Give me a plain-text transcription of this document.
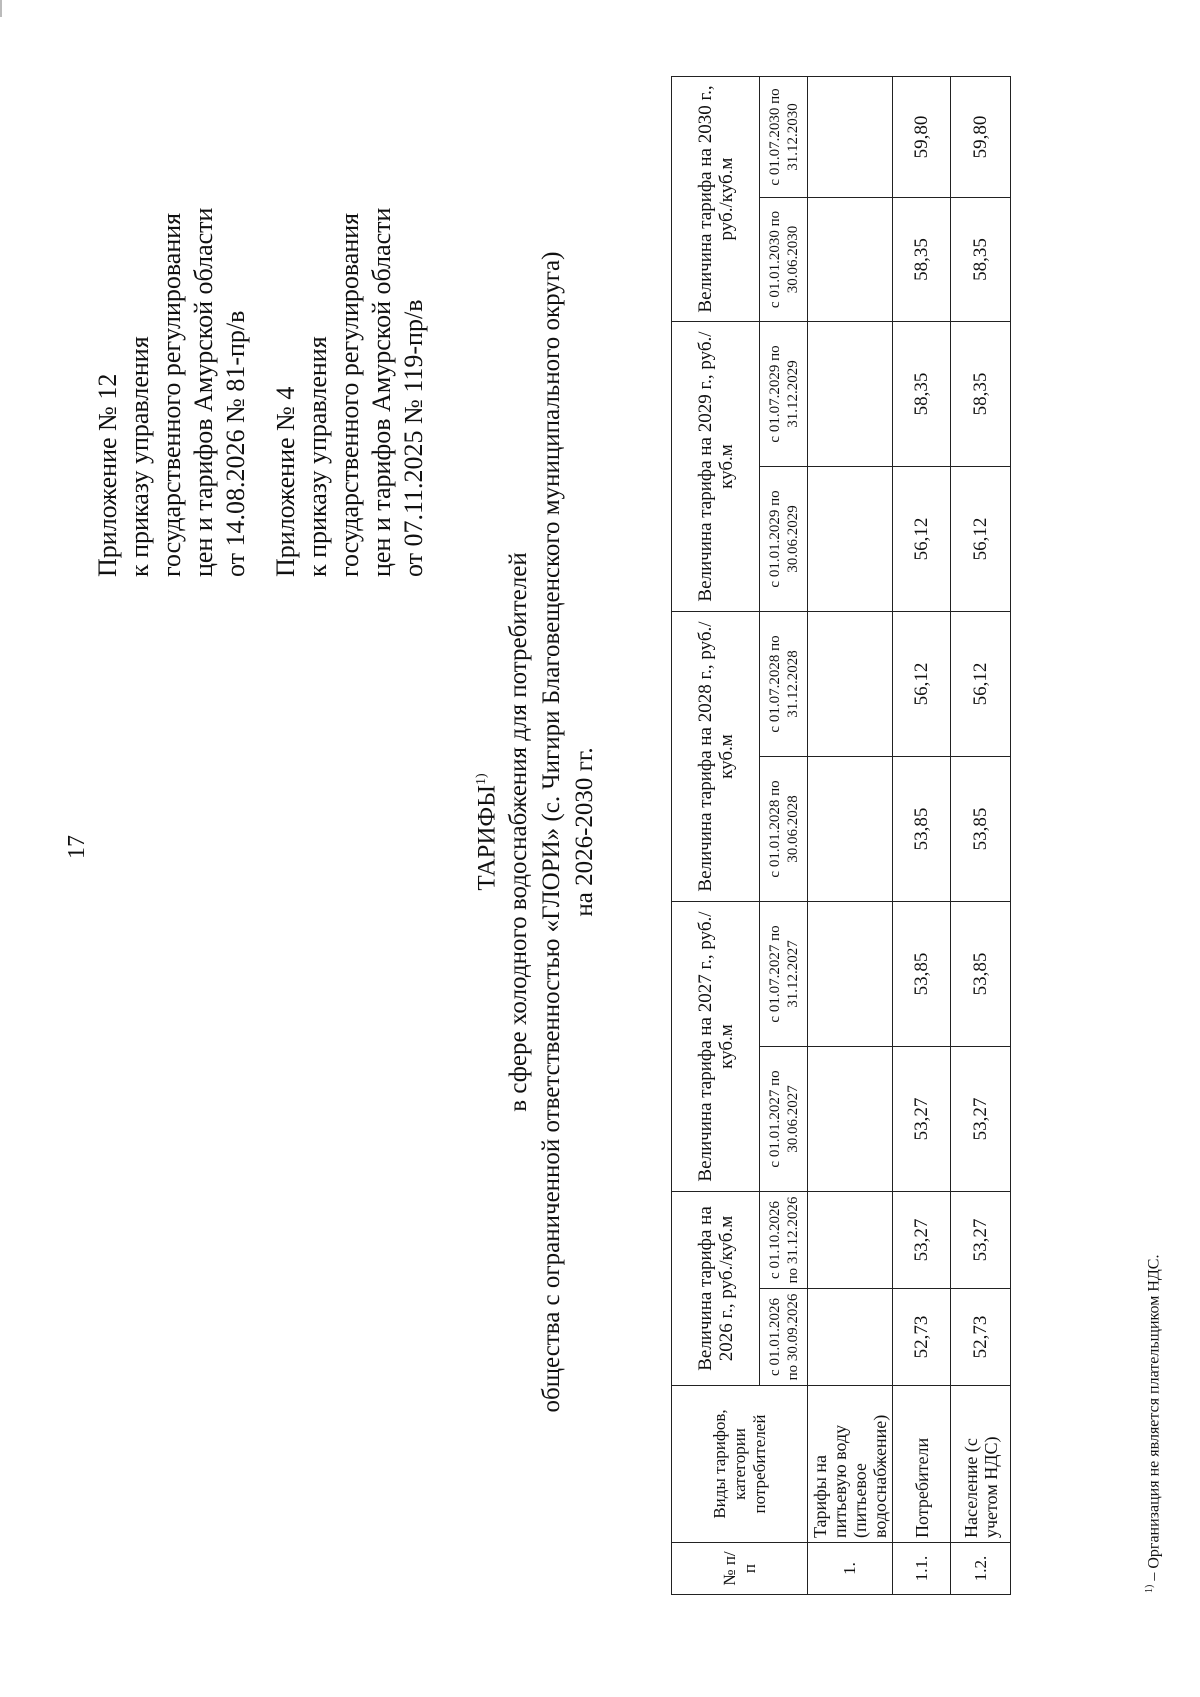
17
Приложение № 12 к приказу управления государственного регулирования цен и тарифов Амурской области от 14.08.2026 № 81-пр/в Приложение № 4 к приказу управления государственного регулирования цен и тарифов Амурской области от 07.11.2025 № 119-пр/в
ТАРИФЫ$^{1)}$ в сфере холодного водоснабжения для потребителей общества с ограниченной ответственностью «ГЛОРИ» (с. Чигири Благовещенского муниципального округа) на 2026-2030 гг.
№ п/п	Виды тарифов, категории потребителей	Величина тарифа на 2026 г., руб./куб.м		Величина тарифа на 2027 г., руб./куб.м		Величина тарифа на 2028 г., руб./куб.м		Величина тарифа на 2029 г., руб./куб.м		Величина тарифа на 2030 г., руб./куб.м	
		с 01.01.2026 по 30.09.2026	с 01.10.2026 по 31.12.2026	с 01.01.2027 по 30.06.2027	с 01.07.2027 по 31.12.2027	с 01.01.2028 по 30.06.2028	с 01.07.2028 по 31.12.2028	с 01.01.2029 по 30.06.2029	с 01.07.2029 по 31.12.2029	с 01.01.2030 по 30.06.2030	с 01.07.2030 по 31.12.2030
1.	Тарифы на питьевую воду (питьевое водоснабжение)										
1.1.	Потребители	52,73	53,27	53,27	53,85	53,85	56,12	56,12	58,35	58,35	59,80
1.2.	Население (с учетом НДС)	52,73	53,27	53,27	53,85	53,85	56,12	56,12	58,35	58,35	59,80
$^{1)}$ – Организация не является плательщиком НДС.
